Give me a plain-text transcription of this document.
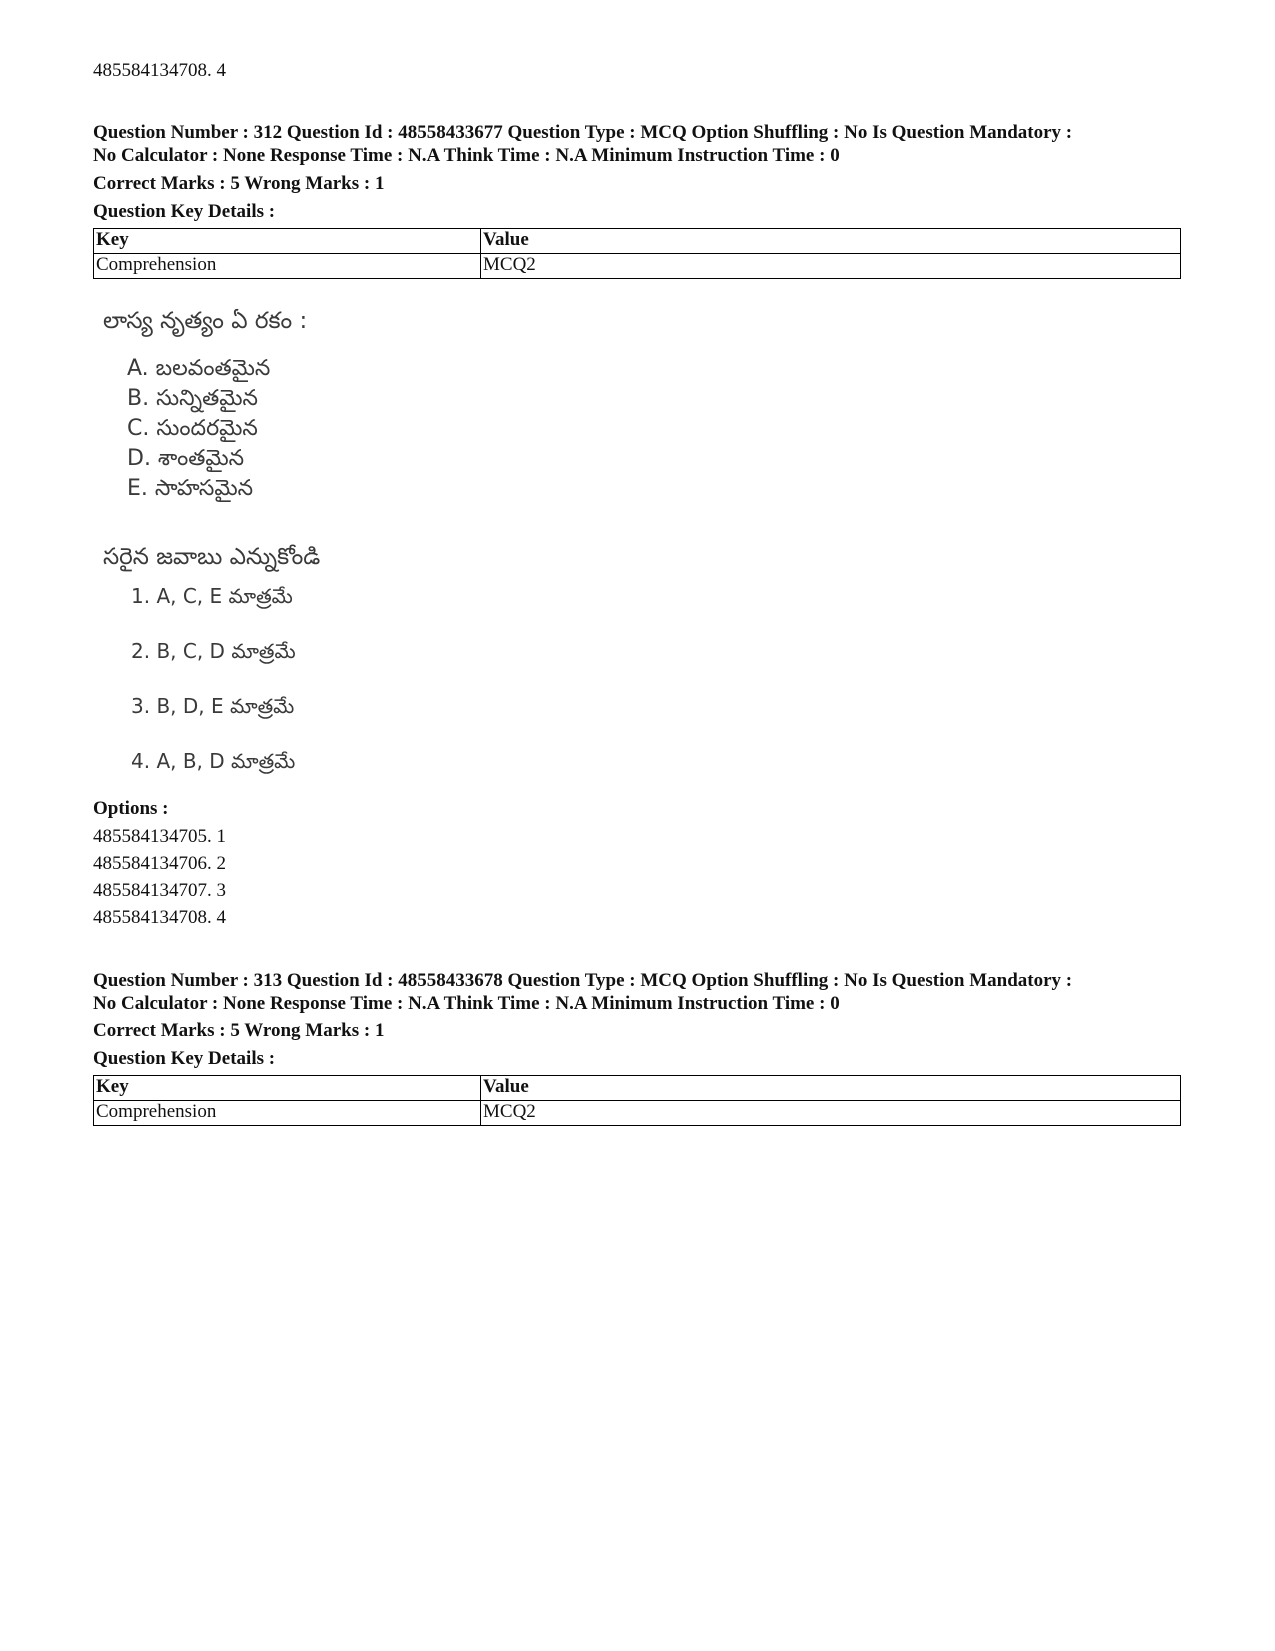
485584134708. 4
Question Number : 312 Question Id : 48558433677 Question Type : MCQ Option Shuffling : No Is Question Mandatory :
No Calculator : None Response Time : N.A Think Time : N.A Minimum Instruction Time : 0
Correct Marks : 5 Wrong Marks : 1
Question Key Details :
Key	Value
Comprehension	MCQ2
లాస్య నృత్యం ఏ రకం :
A. బలవంతమైన
B. సున్నితమైన
C. సుందరమైన
D. శాంతమైన
E. సాహసమైన
సరైన జవాబు ఎన్నుకోండి
1. A, C, E మాత్రమే
2. B, C, D మాత్రమే
3. B, D, E మాత్రమే
4. A, B, D మాత్రమే
Options :
485584134705. 1
485584134706. 2
485584134707. 3
485584134708. 4
Question Number : 313 Question Id : 48558433678 Question Type : MCQ Option Shuffling : No Is Question Mandatory :
No Calculator : None Response Time : N.A Think Time : N.A Minimum Instruction Time : 0
Correct Marks : 5 Wrong Marks : 1
Question Key Details :
Key	Value
Comprehension	MCQ2
